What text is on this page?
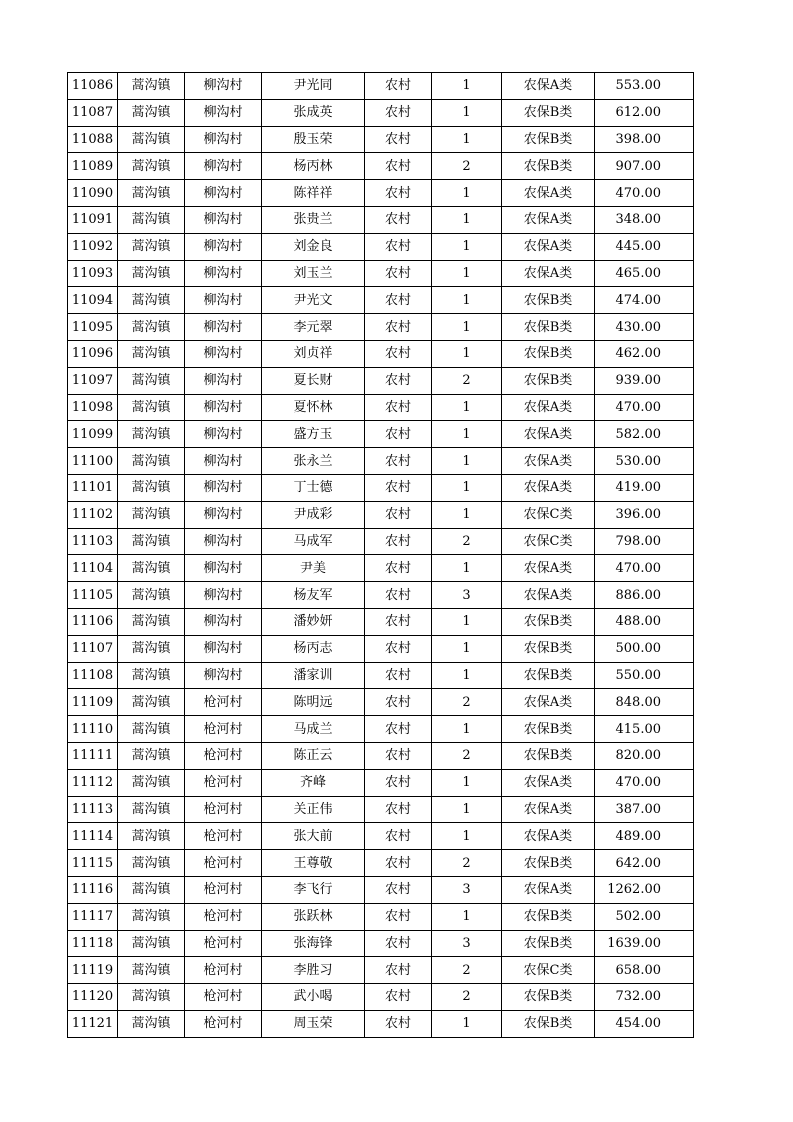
11086	蒿沟镇	柳沟村	尹光同	农村	1	农保A类	553.00
11087	蒿沟镇	柳沟村	张成英	农村	1	农保B类	612.00
11088	蒿沟镇	柳沟村	殷玉荣	农村	1	农保B类	398.00
11089	蒿沟镇	柳沟村	杨丙林	农村	2	农保B类	907.00
11090	蒿沟镇	柳沟村	陈祥祥	农村	1	农保A类	470.00
11091	蒿沟镇	柳沟村	张贵兰	农村	1	农保A类	348.00
11092	蒿沟镇	柳沟村	刘金良	农村	1	农保A类	445.00
11093	蒿沟镇	柳沟村	刘玉兰	农村	1	农保A类	465.00
11094	蒿沟镇	柳沟村	尹光文	农村	1	农保B类	474.00
11095	蒿沟镇	柳沟村	李元翠	农村	1	农保B类	430.00
11096	蒿沟镇	柳沟村	刘贞祥	农村	1	农保B类	462.00
11097	蒿沟镇	柳沟村	夏长财	农村	2	农保B类	939.00
11098	蒿沟镇	柳沟村	夏怀林	农村	1	农保A类	470.00
11099	蒿沟镇	柳沟村	盛方玉	农村	1	农保A类	582.00
11100	蒿沟镇	柳沟村	张永兰	农村	1	农保A类	530.00
11101	蒿沟镇	柳沟村	丁士德	农村	1	农保A类	419.00
11102	蒿沟镇	柳沟村	尹成彩	农村	1	农保C类	396.00
11103	蒿沟镇	柳沟村	马成军	农村	2	农保C类	798.00
11104	蒿沟镇	柳沟村	尹美	农村	1	农保A类	470.00
11105	蒿沟镇	柳沟村	杨友军	农村	3	农保A类	886.00
11106	蒿沟镇	柳沟村	潘妙妍	农村	1	农保B类	488.00
11107	蒿沟镇	柳沟村	杨丙志	农村	1	农保B类	500.00
11108	蒿沟镇	柳沟村	潘家训	农村	1	农保B类	550.00
11109	蒿沟镇	枪河村	陈明远	农村	2	农保A类	848.00
11110	蒿沟镇	枪河村	马成兰	农村	1	农保B类	415.00
11111	蒿沟镇	枪河村	陈正云	农村	2	农保B类	820.00
11112	蒿沟镇	枪河村	齐峰	农村	1	农保A类	470.00
11113	蒿沟镇	枪河村	关正伟	农村	1	农保A类	387.00
11114	蒿沟镇	枪河村	张大前	农村	1	农保A类	489.00
11115	蒿沟镇	枪河村	王尊敬	农村	2	农保B类	642.00
11116	蒿沟镇	枪河村	李飞行	农村	3	农保A类	1262.00
11117	蒿沟镇	枪河村	张跃林	农村	1	农保B类	502.00
11118	蒿沟镇	枪河村	张海锋	农村	3	农保B类	1639.00
11119	蒿沟镇	枪河村	李胜习	农村	2	农保C类	658.00
11120	蒿沟镇	枪河村	武小喝	农村	2	农保B类	732.00
11121	蒿沟镇	枪河村	周玉荣	农村	1	农保B类	454.00
